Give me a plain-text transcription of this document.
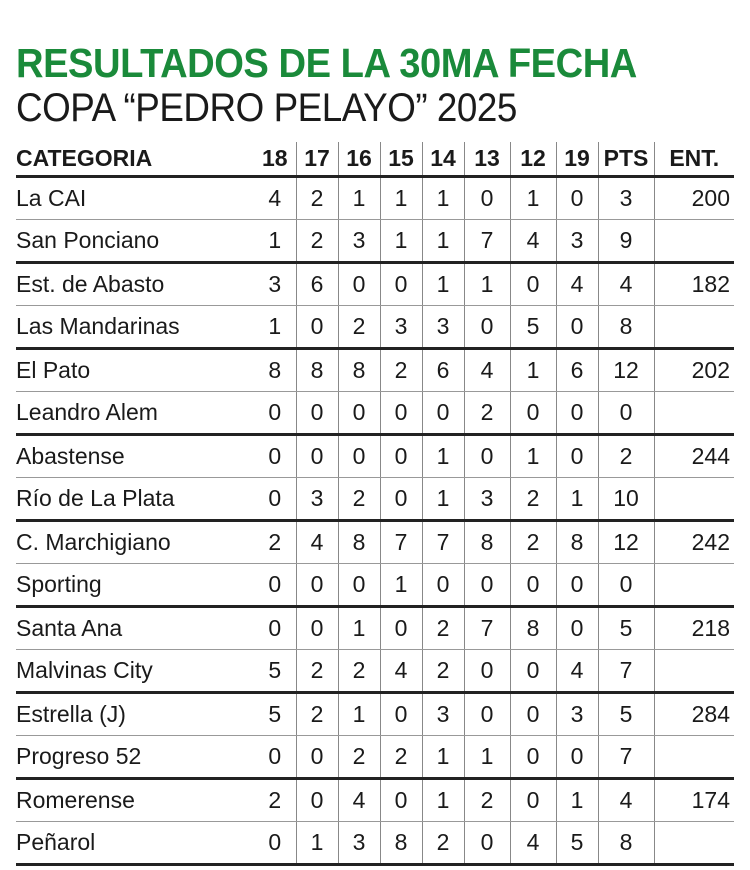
RESULTADOS DE LA 30MA FECHA
COPA “PEDRO PELAYO” 2025
CATEGORIA	18	17	16	15	14	13	12	19	PTS	ENT.
La CAI	4	2	1	1	1	0	1	0	3	200
San Ponciano	1	2	3	1	1	7	4	3	9	
Est. de Abasto	3	6	0	0	1	1	0	4	4	182
Las Mandarinas	1	0	2	3	3	0	5	0	8	
El Pato	8	8	8	2	6	4	1	6	12	202
Leandro Alem	0	0	0	0	0	2	0	0	0	
Abastense	0	0	0	0	1	0	1	0	2	244
Río de La Plata	0	3	2	0	1	3	2	1	10	
C. Marchigiano	2	4	8	7	7	8	2	8	12	242
Sporting	0	0	0	1	0	0	0	0	0	
Santa Ana	0	0	1	0	2	7	8	0	5	218
Malvinas City	5	2	2	4	2	0	0	4	7	
Estrella (J)	5	2	1	0	3	0	0	3	5	284
Progreso 52	0	0	2	2	1	1	0	0	7	
Romerense	2	0	4	0	1	2	0	1	4	174
Peñarol	0	1	3	8	2	0	4	5	8	
